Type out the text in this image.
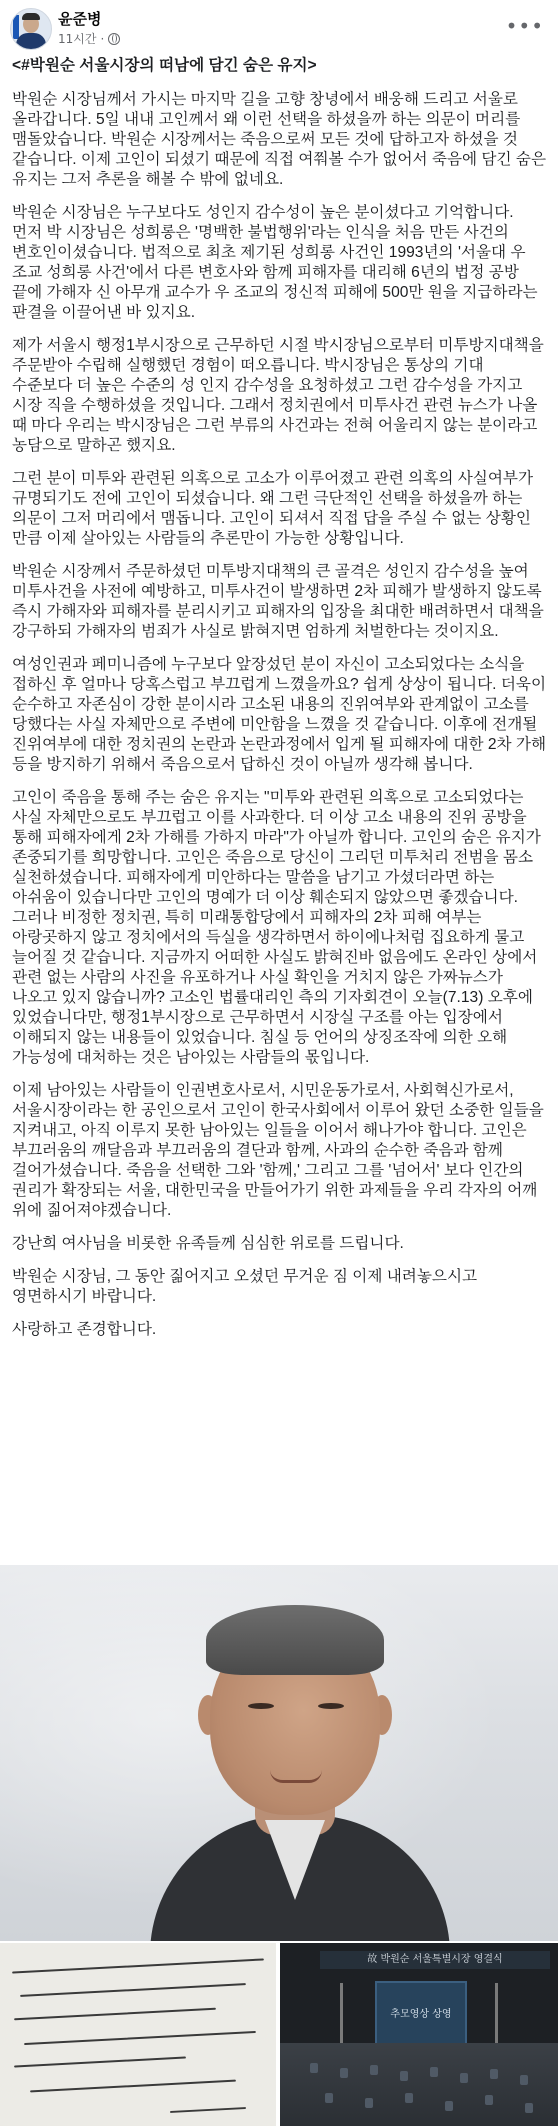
윤준병
11시간 ·
•••

<#박원순 서울시장의 떠남에 담긴 숨은 유지>

박원순 시장님께서 가시는 마지막 길을 고향 창녕에서 배웅해 드리고 서울로 올라갑니다. 5일 내내 고인께서 왜 이런 선택을 하셨을까 하는 의문이 머리를 맴돌았습니다. 박원순 시장께서는 죽음으로써 모든 것에 답하고자 하셨을 것 같습니다. 이제 고인이 되셨기 때문에 직접 여쭤볼 수가 없어서 죽음에 담긴 숨은 유지는 그저 추론을 해볼 수 밖에 없네요.

박원순 시장님은 누구보다도 성인지 감수성이 높은 분이셨다고 기억합니다. 먼저 박 시장님은 성희롱은 '명백한 불법행위'라는 인식을 처음 만든 사건의 변호인이셨습니다. 법적으로 최초 제기된 성희롱 사건인 1993년의 '서울대 우 조교 성희롱 사건'에서 다른 변호사와 함께 피해자를 대리해 6년의 법정 공방 끝에 가해자 신 아무개 교수가 우 조교의 정신적 피해에 500만 원을 지급하라는 판결을 이끌어낸 바 있지요.

제가 서울시 행정1부시장으로 근무하던 시절 박시장님으로부터 미투방지대책을 주문받아 수립해 실행했던 경험이 떠오릅니다. 박시장님은 통상의 기대 수준보다 더 높은 수준의 성 인지 감수성을 요청하셨고 그런 감수성을 가지고 시장 직을 수행하셨을 것입니다. 그래서 정치권에서 미투사건 관련 뉴스가 나올 때 마다 우리는 박시장님은 그런 부류의 사건과는 전혀 어울리지 않는 분이라고 농담으로 말하곤 했지요.

그런 분이 미투와 관련된 의혹으로 고소가 이루어졌고 관련 의혹의 사실여부가 규명되기도 전에 고인이 되셨습니다. 왜 그런 극단적인 선택을 하셨을까 하는 의문이 그저 머리에서 맴돕니다. 고인이 되셔서 직접 답을 주실 수 없는 상황인 만큼 이제 살아있는 사람들의 추론만이 가능한 상황입니다.

박원순 시장께서 주문하셨던 미투방지대책의 큰 골격은 성인지 감수성을 높여 미투사건을 사전에 예방하고, 미투사건이 발생하면 2차 피해가 발생하지 않도록 즉시 가해자와 피해자를 분리시키고 피해자의 입장을 최대한 배려하면서 대책을 강구하되 가해자의 범죄가 사실로 밝혀지면 엄하게 처벌한다는 것이지요.

여성인권과 페미니즘에 누구보다 앞장섰던 분이 자신이 고소되었다는 소식을 접하신 후 얼마나 당혹스럽고 부끄럽게 느꼈을까요? 쉽게 상상이 됩니다. 더욱이 순수하고 자존심이 강한 분이시라 고소된 내용의 진위여부와 관계없이 고소를 당했다는 사실 자체만으로 주변에 미안함을 느꼈을 것 같습니다. 이후에 전개될 진위여부에 대한 정치권의 논란과 논란과정에서 입게 될 피해자에 대한 2차 가해 등을 방지하기 위해서 죽음으로서 답하신 것이 아닐까 생각해 봅니다.

고인이 죽음을 통해 주는 숨은 유지는 "미투와 관련된 의혹으로 고소되었다는 사실 자체만으로도 부끄럽고 이를 사과한다. 더 이상 고소 내용의 진위 공방을 통해 피해자에게 2차 가해를 가하지 마라"가 아닐까 합니다. 고인의 숨은 유지가 존중되기를 희망합니다. 고인은 죽음으로 당신이 그리던 미투처리 전범을 몸소 실천하셨습니다. 피해자에게 미안하다는 말씀을 남기고 가셨더라면 하는 아쉬움이 있습니다만 고인의 명예가 더 이상 훼손되지 않았으면 좋겠습니다. 그러나 비정한 정치권, 특히 미래통합당에서 피해자의 2차 피해 여부는 아랑곳하지 않고 정치에서의 득실을 생각하면서 하이에나처럼 집요하게 물고 늘어질 것 같습니다. 지금까지 어떠한 사실도 밝혀진바 없음에도 온라인 상에서 관련 없는 사람의 사진을 유포하거나 사실 확인을 거치지 않은 가짜뉴스가 나오고 있지 않습니까? 고소인 법률대리인 측의 기자회견이 오늘(7.13) 오후에 있었습니다만, 행정1부시장으로 근무하면서 시장실 구조를 아는 입장에서 이해되지 않는 내용들이 있었습니다. 침실 등 언어의 상징조작에 의한 오해 가능성에 대처하는 것은 남아있는 사람들의 몫입니다.

이제 남아있는 사람들이 인권변호사로서, 시민운동가로서, 사회혁신가로서, 서울시장이라는 한 공인으로서 고인이 한국사회에서 이루어 왔던 소중한 일들을 지켜내고, 아직 이루지 못한 남아있는 일들을 이어서 해나가야 합니다. 고인은 부끄러움의 깨달음과 부끄러움의 결단과 함께, 사과의 순수한 죽음과 함께 걸어가셨습니다. 죽음을 선택한 그와 '함께,' 그리고 그를 '넘어서' 보다 인간의 권리가 확장되는 서울, 대한민국을 만들어가기 위한 과제들을 우리 각자의 어깨 위에 짊어져야겠습니다.

강난희 여사님을 비롯한 유족들께 심심한 위로를 드립니다.

박원순 시장님, 그 동안 짊어지고 오셨던 무거운 짐 이제 내려놓으시고 영면하시기 바랍니다.

사랑하고 존경합니다.

故 박원순 서울특별시장 영결식
추모영상 상영
